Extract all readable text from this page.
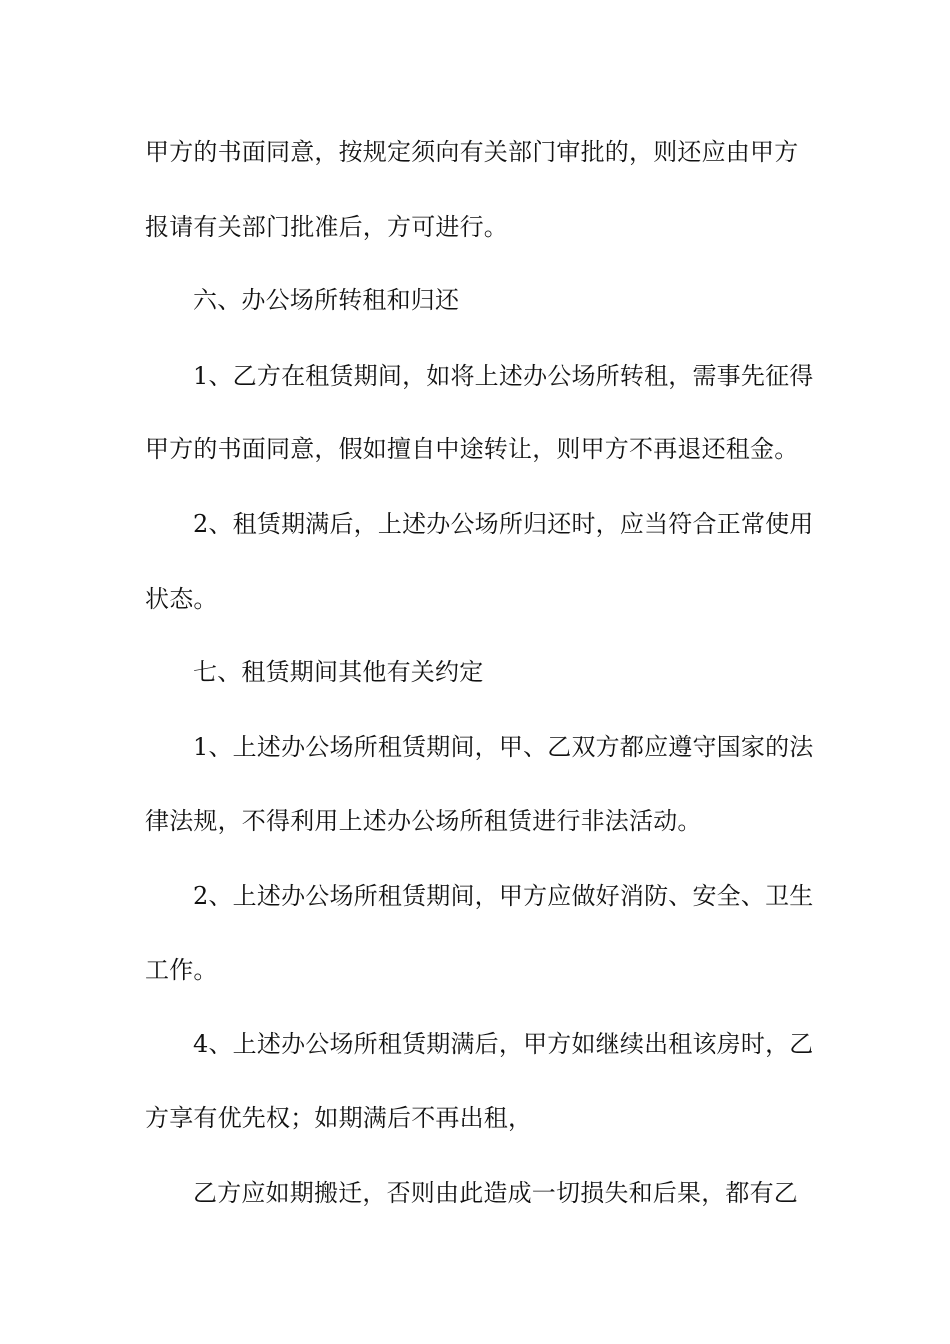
甲方的书面同意，按规定须向有关部门审批的，则还应由甲方
报请有关部门批准后，方可进行。
六、办公场所转租和归还
1、乙方在租赁期间，如将上述办公场所转租，需事先征得
甲方的书面同意，假如擅自中途转让，则甲方不再退还租金。
2、租赁期满后，上述办公场所归还时，应当符合正常使用
状态。
七、租赁期间其他有关约定
1、上述办公场所租赁期间，甲、乙双方都应遵守国家的法
律法规，不得利用上述办公场所租赁进行非法活动。
2、上述办公场所租赁期间，甲方应做好消防、安全、卫生
工作。
4、上述办公场所租赁期满后，甲方如继续出租该房时，乙
方享有优先权；如期满后不再出租，
乙方应如期搬迁，否则由此造成一切损失和后果，都有乙
